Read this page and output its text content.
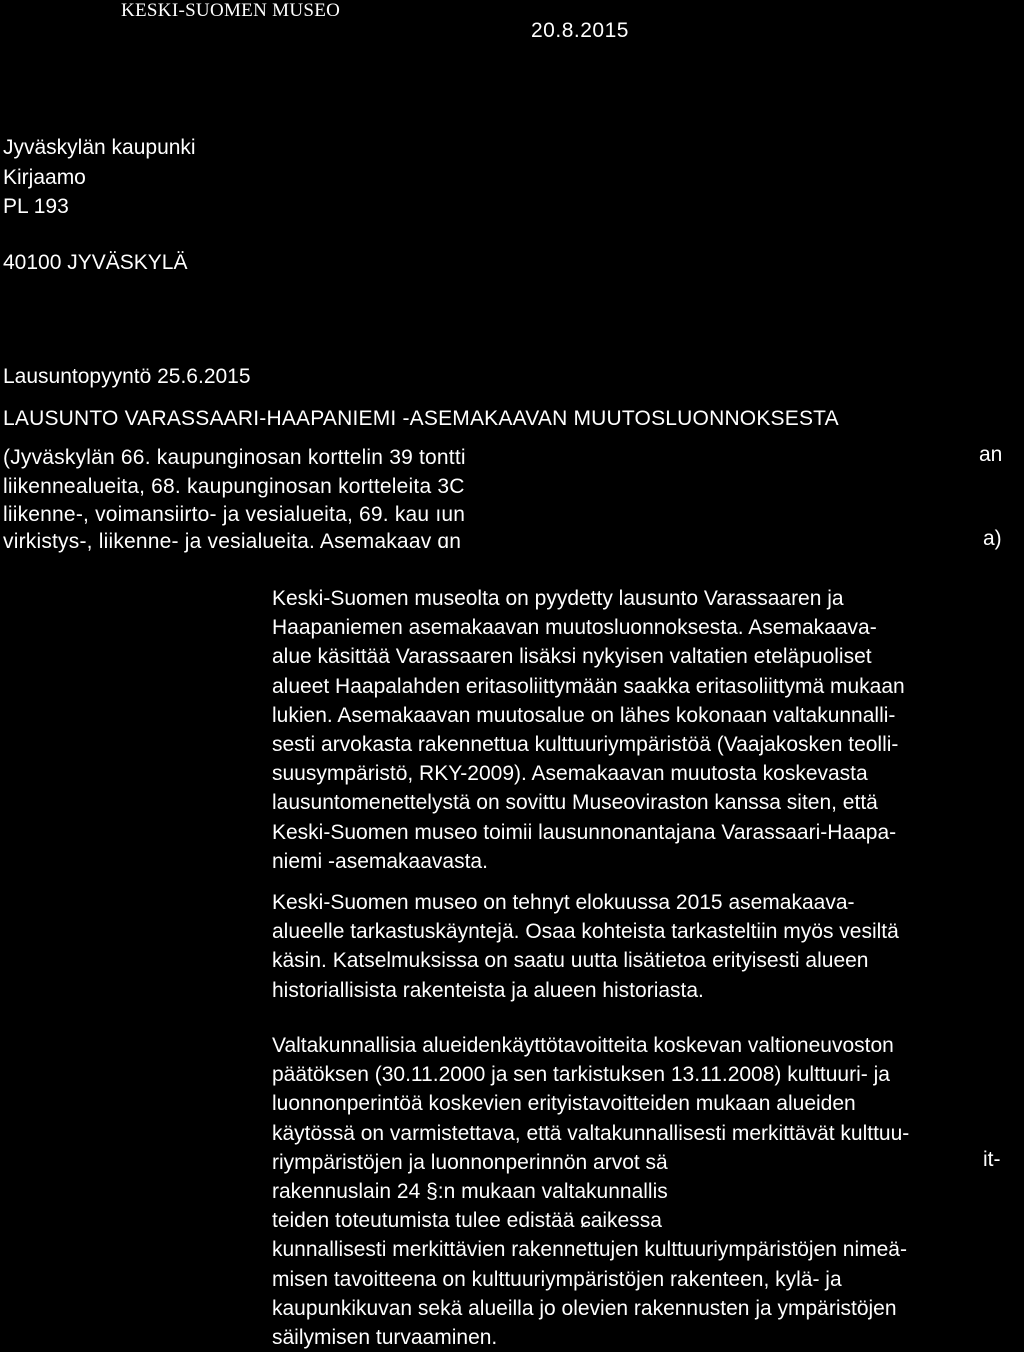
KESKI-SUOMEN MUSEO
20.8.2015
Jyväskylän kaupunki
Kirjaamo
PL 193
40100 JYVÄSKYLÄ
Lausuntopyyntö 25.6.2015
LAUSUNTO VARASSAARI-HAAPANIEMI -ASEMAKAAVAN MUUTOSLUONNOKSESTA
(Jyväskylän 66. kaupunginosan korttelin 39 tontti
liikennealueita, 68. kaupunginosan kortteleita 3C
liikenne-, voimansiirto- ja vesialueita, 69. kau ıun
virkistys-, liikenne- ja vesialueita. Asemakaav ɑn
an
a)
Keski-Suomen museolta on pyydetty lausunto Varassaaren ja
Haapaniemen asemakaavan muutosluonnoksesta. Asemakaava-
alue käsittää Varassaaren lisäksi nykyisen valtatien eteläpuoliset
alueet Haapalahden eritasoliittymään saakka eritasoliittymä mukaan
lukien. Asemakaavan muutosalue on lähes kokonaan valtakunnalli-
sesti arvokasta rakennettua kulttuuriympäristöä (Vaajakosken teolli-
suusympäristö, RKY-2009). Asemakaavan muutosta koskevasta
lausuntomenettelystä on sovittu Museoviraston kanssa siten, että
Keski-Suomen museo toimii lausunnonantajana Varassaari-Haapa-
niemi -asemakaavasta.
Keski-Suomen museo on tehnyt elokuussa 2015 asemakaava-
alueelle tarkastuskäyntejä. Osaa kohteista tarkasteltiin myös vesiltä
käsin. Katselmuksissa on saatu uutta lisätietoa erityisesti alueen
historiallisista rakenteista ja alueen historiasta.
Valtakunnallisia alueidenkäyttötavoitteita koskevan valtioneuvoston
päätöksen (30.11.2000 ja sen tarkistuksen 13.11.2008) kulttuuri- ja
luonnonperintöä koskevien erityistavoitteiden mukaan alueiden
käytössä on varmistettava, että valtakunnallisesti merkittävät kulttuu-
riympäristöjen ja luonnonperinnön arvot sä
rakennuslain 24 §:n mukaan valtakunnallis
teiden toteutumista tulee edistää ɕaikessa
kunnallisesti merkittävien rakennettujen kulttuuriympäristöjen nimeä-
misen tavoitteena on kulttuuriympäristöjen rakenteen, kylä- ja
kaupunkikuvan sekä alueilla jo olevien rakennusten ja ympäristöjen
säilymisen turvaaminen.
it-
